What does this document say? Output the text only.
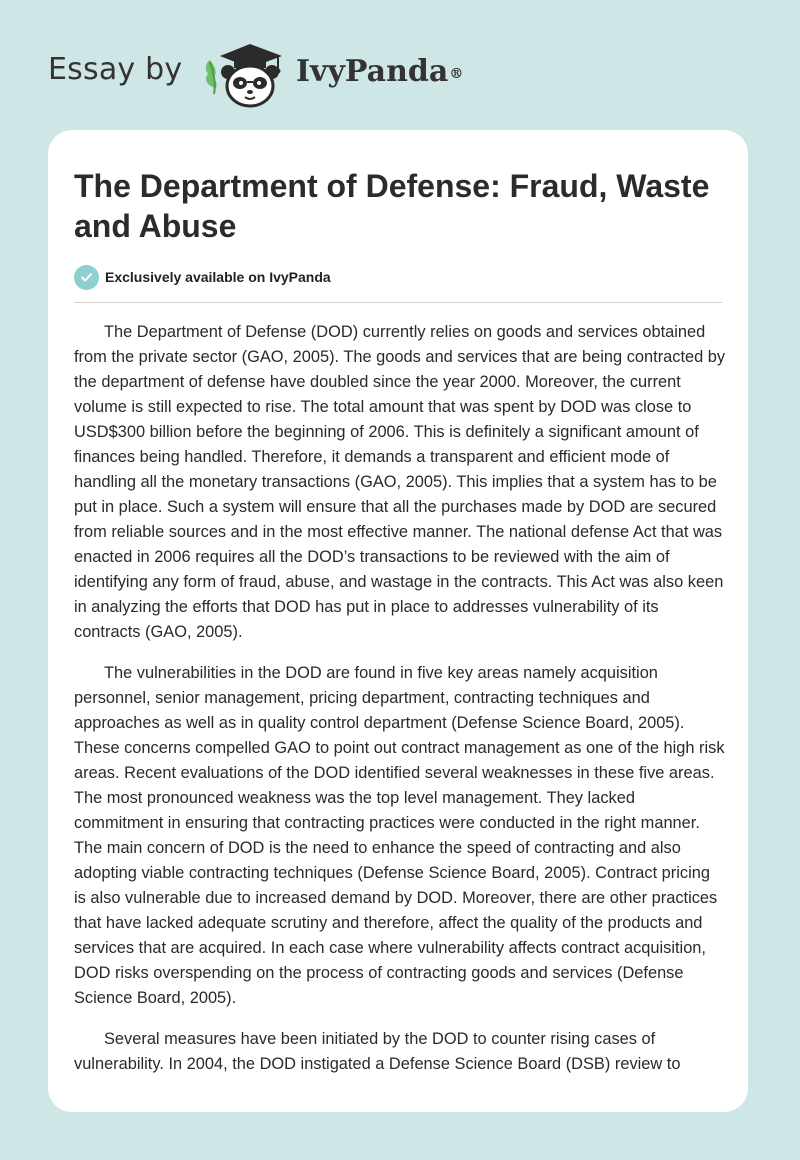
Essay by	IvyPanda®
The Department of Defense: Fraud, Waste and Abuse
Exclusively available on IvyPanda

The Department of Defense (DOD) currently relies on goods and services obtained from the private sector (GAO, 2005). The goods and services that are being contracted by the department of defense have doubled since the year 2000. Moreover, the current volume is still expected to rise. The total amount that was spent by DOD was close to USD$300 billion before the beginning of 2006. This is definitely a significant amount of finances being handled. Therefore, it demands a transparent and efficient mode of handling all the monetary transactions (GAO, 2005). This implies that a system has to be put in place. Such a system will ensure that all the purchases made by DOD are secured from reliable sources and in the most effective manner. The national defense Act that was enacted in 2006 requires all the DOD’s transactions to be reviewed with the aim of identifying any form of fraud, abuse, and wastage in the contracts. This Act was also keen in analyzing the efforts that DOD has put in place to addresses vulnerability of its contracts (GAO, 2005).

The vulnerabilities in the DOD are found in five key areas namely acquisition personnel, senior management, pricing department, contracting techniques and approaches as well as in quality control department (Defense Science Board, 2005). These concerns compelled GAO to point out contract management as one of the high risk areas. Recent evaluations of the DOD identified several weaknesses in these five areas. The most pronounced weakness was the top level management. They lacked commitment in ensuring that contracting practices were conducted in the right manner. The main concern of DOD is the need to enhance the speed of contracting and also adopting viable contracting techniques (Defense Science Board, 2005). Contract pricing is also vulnerable due to increased demand by DOD. Moreover, there are other practices that have lacked adequate scrutiny and therefore, affect the quality of the products and services that are acquired. In each case where vulnerability affects contract acquisition, DOD risks overspending on the process of contracting goods and services (Defense Science Board, 2005).

Several measures have been initiated by the DOD to counter rising cases of vulnerability. In 2004, the DOD instigated a Defense Science Board (DSB) review to
